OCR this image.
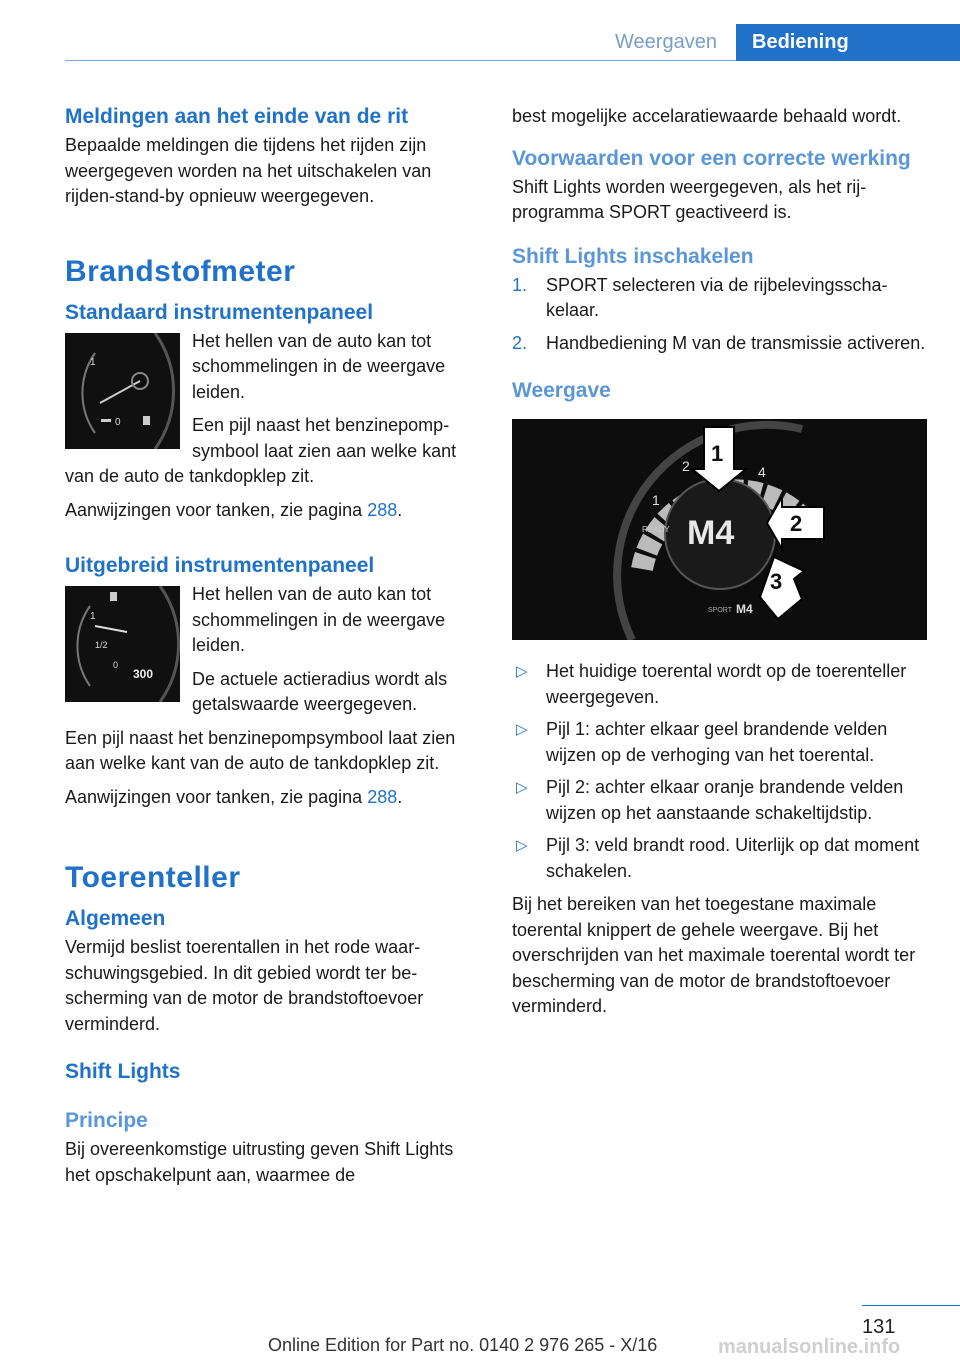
Weergaven	Bediening
Meldingen aan het einde van de rit
Bepaalde meldingen die tijdens het rijden zijn weergegeven worden na het uitschakelen van rijden-stand-by opnieuw weergegeven.
Brandstofmeter
Standaard instrumentenpaneel
1
0
Het hellen van de auto kan tot schommelingen in de weergave leiden.
Een pijl naast het benzinepompsymbool laat zien aan welke kant van de auto de tankdopklep zit.
Aanwijzingen voor tanken, zie pagina 288.
Uitgebreid instrumentenpaneel
1
1/2
0
300
Het hellen van de auto kan tot schommelingen in de weergave leiden.
De actuele actieradius wordt als getalswaarde weergegeven.
Een pijl naast het benzinepompsymbool laat zien aan welke kant van de auto de tankdopklep zit.
Aanwijzingen voor tanken, zie pagina 288.
Toerenteller
Algemeen
Vermijd beslist toerentallen in het rode waarschuwingsgebied. In dit gebied wordt ter bescherming van de motor de brandstoftoevoer verminderd.
Shift Lights
Principe
Bij overeenkomstige uitrusting geven Shift Lights het opschakelpunt aan, waarmee de
best mogelijke accelaratiewaarde behaald wordt.
Voorwaarden voor een correcte werking
Shift Lights worden weergegeven, als het rijprogramma SPORT geactiveerd is.
Shift Lights inschakelen
1. SPORT selecteren via de rijbelevingsschakelaar.
2. Handbediening M van de transmissie activeren.
Weergave
M4
READY
SPORT M4
1
2	4
1
2
3
▷ Het huidige toerental wordt op de toerenteller weergegeven.
▷ Pijl 1: achter elkaar geel brandende velden wijzen op de verhoging van het toerental.
▷ Pijl 2: achter elkaar oranje brandende velden wijzen op het aanstaande schakeltijdstip.
▷ Pijl 3: veld brandt rood. Uiterlijk op dat moment schakelen.
Bij het bereiken van het toegestane maximale toerental knippert de gehele weergave. Bij het overschrijden van het maximale toerental wordt ter bescherming van de motor de brandstoftoevoer verminderd.
131
Online Edition for Part no. 0140 2 976 265 - X/16	manualsonline.info
